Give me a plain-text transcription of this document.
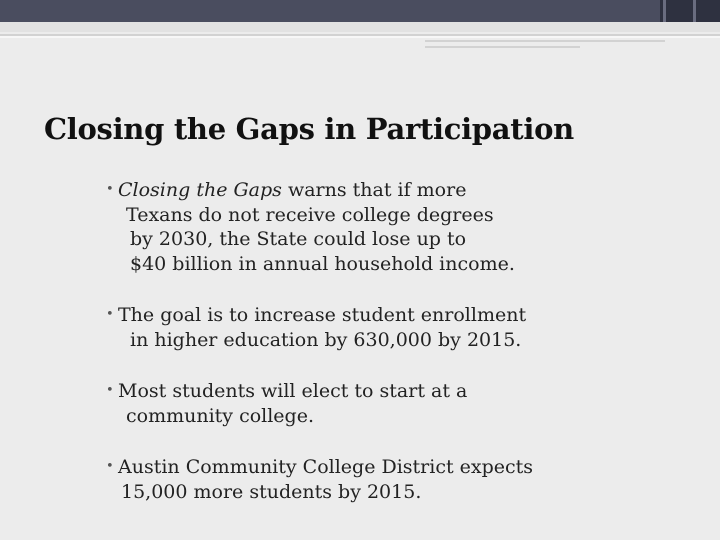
Closing the Gaps in Participation
• Closing the Gaps warns that if more
Texans do not receive college degrees
by 2030, the State could lose up to
$40 billion in annual household income.
• The goal is to increase student enrollment
in higher education by 630,000 by 2015.
• Most students will elect to start at a
community college.
• Austin Community College District expects
15,000 more students by 2015.
